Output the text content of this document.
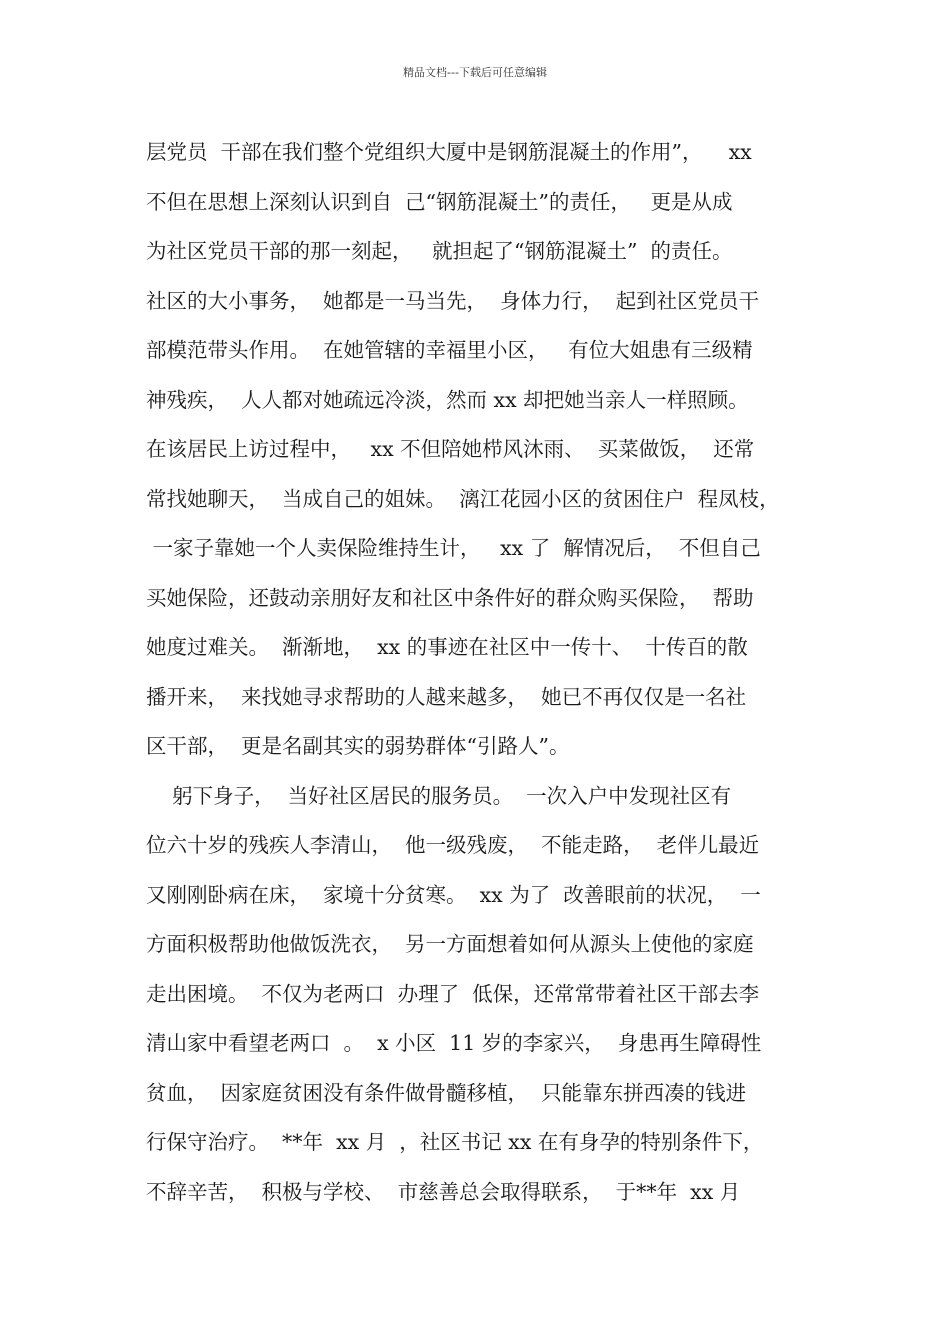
精品文档---下载后可任意编辑
层党员  干部在我们整个党组织大厦中是钢筋混凝土的作用”，    xx
不但在思想上深刻认识到自  己“钢筋混凝土”的责任，   更是从成
为社区党员干部的那一刻起，   就担起了“钢筋混凝土”  的责任。
社区的大小事务，  她都是一马当先，  身体力行，  起到社区党员干
部模范带头作用。  在她管辖的幸福里小区，   有位大姐患有三级精
神残疾，  人人都对她疏远冷淡，然而 xx 却把她当亲人一样照顾。
在该居民上访过程中，   xx 不但陪她栉风沐雨、  买菜做饭，  还常
常找她聊天，  当成自己的姐妹。  漓江花园小区的贫困住户  程凤枝，
一家子靠她一个人卖保险维持生计，   xx 了  解情况后，  不但自己
买她保险，还鼓动亲朋好友和社区中条件好的群众购买保险，  帮助
她度过难关。  渐渐地，  xx 的事迹在社区中一传十、  十传百的散
播开来，  来找她寻求帮助的人越来越多，  她已不再仅仅是一名社
区干部，  更是名副其实的弱势群体“引路人”。
躬下身子，  当好社区居民的服务员。  一次入户中发现社区有
位六十岁的残疾人李清山，  他一级残废，  不能走路，  老伴儿最近
又刚刚卧病在床，  家境十分贫寒。  xx 为了  改善眼前的状况，  一
方面积极帮助他做饭洗衣，  另一方面想着如何从源头上使他的家庭
走出困境。  不仅为老两口  办理了  低保，还常常带着社区干部去李
清山家中看望老两口  。  x 小区  11 岁的李家兴，  身患再生障碍性
贫血，  因家庭贫困没有条件做骨髓移植，  只能靠东拼西凑的钱进
行保守治疗。  **年  xx 月  ，社区书记 xx 在有身孕的特别条件下，
不辞辛苦，  积极与学校、  市慈善总会取得联系，  于**年  xx 月
